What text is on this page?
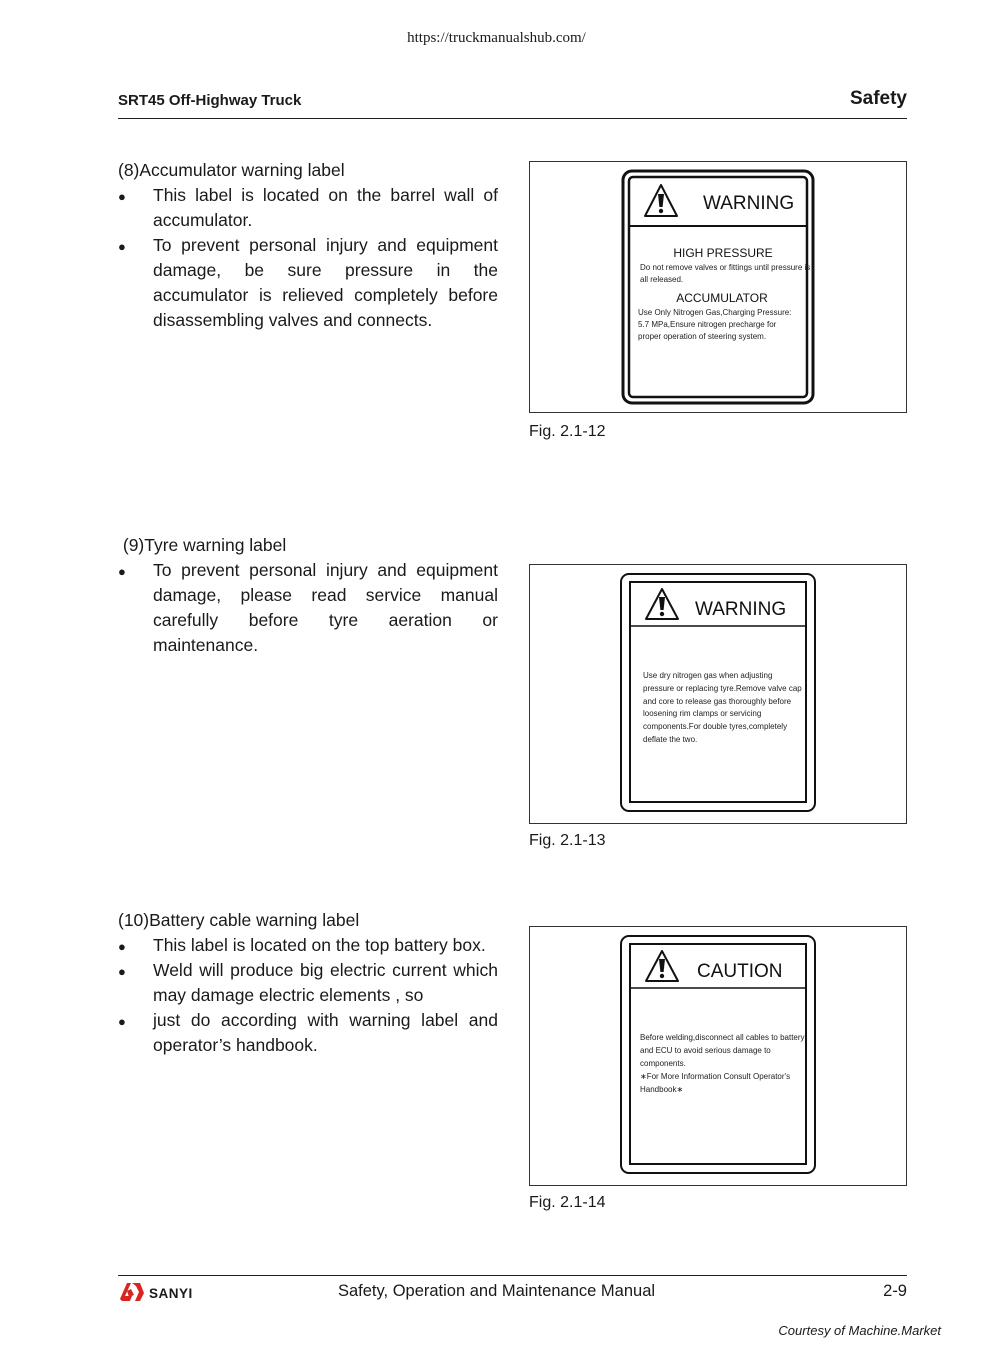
https://truckmanualshub.com/
SRT45 Off-Highway Truck	Safety
(8)Accumulator warning label
● This label is located on the barrel wall of accumulator.
● To prevent personal injury and equipment damage, be sure pressure in the accumulator is relieved completely before disassembling valves and connects.
WARNING
HIGH PRESSURE
Do not remove valves or fittings until pressure is
all released.
ACCUMULATOR
Use Only Nitrogen Gas,Charging Pressure:
5.7 MPa,Ensure nitrogen precharge for
proper operation of steering system.
Fig. 2.1-12
(9)Tyre warning label
● To prevent personal injury and equipment damage, please read service manual carefully before tyre aeration or maintenance.
WARNING
Use dry nitrogen gas when adjusting
pressure or replacing tyre.Remove valve cap
and core to release gas thoroughly before
loosening rim clamps or servicing
components.For double tyres,completely
deflate the two.
Fig. 2.1-13
(10)Battery cable warning label
● This label is located on the top battery box.
● Weld will produce big electric current which may damage electric elements , so
● just do according with warning label and operator’s handbook.
CAUTION
Before welding,disconnect all cables to battery
and ECU to avoid serious damage to
components.
∗For More Information Consult Operator's
Handbook∗
Fig. 2.1-14
SANYI	Safety, Operation and Maintenance Manual	2-9
Courtesy of Machine.Market
